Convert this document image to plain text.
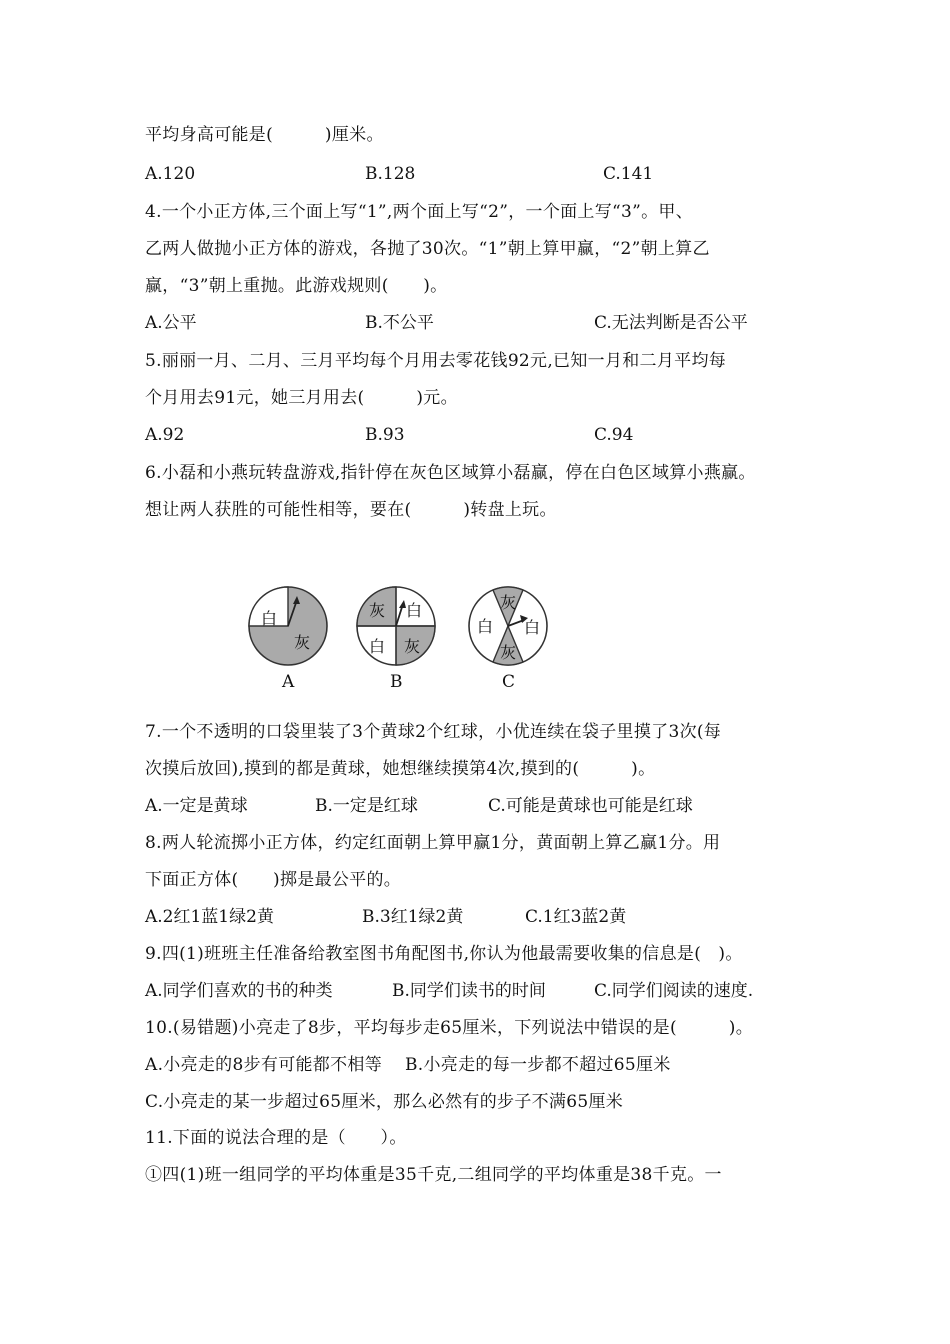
平均身高可能是(　　　)厘米。
A.120	B.128	C.141
4.一个小正方体,三个面上写“1”,两个面上写“2”，一个面上写“3”。甲、
乙两人做抛小正方体的游戏，各抛了30次。“1”朝上算甲赢，“2”朝上算乙
赢，“3”朝上重抛。此游戏规则(　　)。
A.公平	B.不公平	C.无法判断是否公平
5.丽丽一月、二月、三月平均每个月用去零花钱92元,已知一月和二月平均每
个月用去91元，她三月用去(　　　)元。
A.92	B.93	C.94
6.小磊和小燕玩转盘游戏,指针停在灰色区域算小磊赢，停在白色区域算小燕赢。
想让两人获胜的可能性相等，要在(　　　)转盘上玩。
白
灰
A
灰 白
白 灰
B
灰
白 白
灰
C
7.一个不透明的口袋里装了3个黄球2个红球，小优连续在袋子里摸了3次(每
次摸后放回),摸到的都是黄球，她想继续摸第4次,摸到的(　　　)。
A.一定是黄球	B.一定是红球	C.可能是黄球也可能是红球
8.两人轮流掷小正方体，约定红面朝上算甲赢1分，黄面朝上算乙赢1分。用
下面正方体(　　)掷是最公平的。
A.2红1蓝1绿2黄	B.3红1绿2黄	C.1红3蓝2黄
9.四(1)班班主任准备给教室图书角配图书,你认为他最需要收集的信息是(　)。
A.同学们喜欢的书的种类	B.同学们读书的时间	C.同学们阅读的速度.
10.(易错题)小亮走了8步，平均每步走65厘米，下列说法中错误的是(　　　)。
A.小亮走的8步有可能都不相等　 B.小亮走的每一步都不超过65厘米
C.小亮走的某一步超过65厘米，那么必然有的步子不满65厘米
11.下面的说法合理的是（　　）。
①四(1)班一组同学的平均体重是35千克,二组同学的平均体重是38千克。一
